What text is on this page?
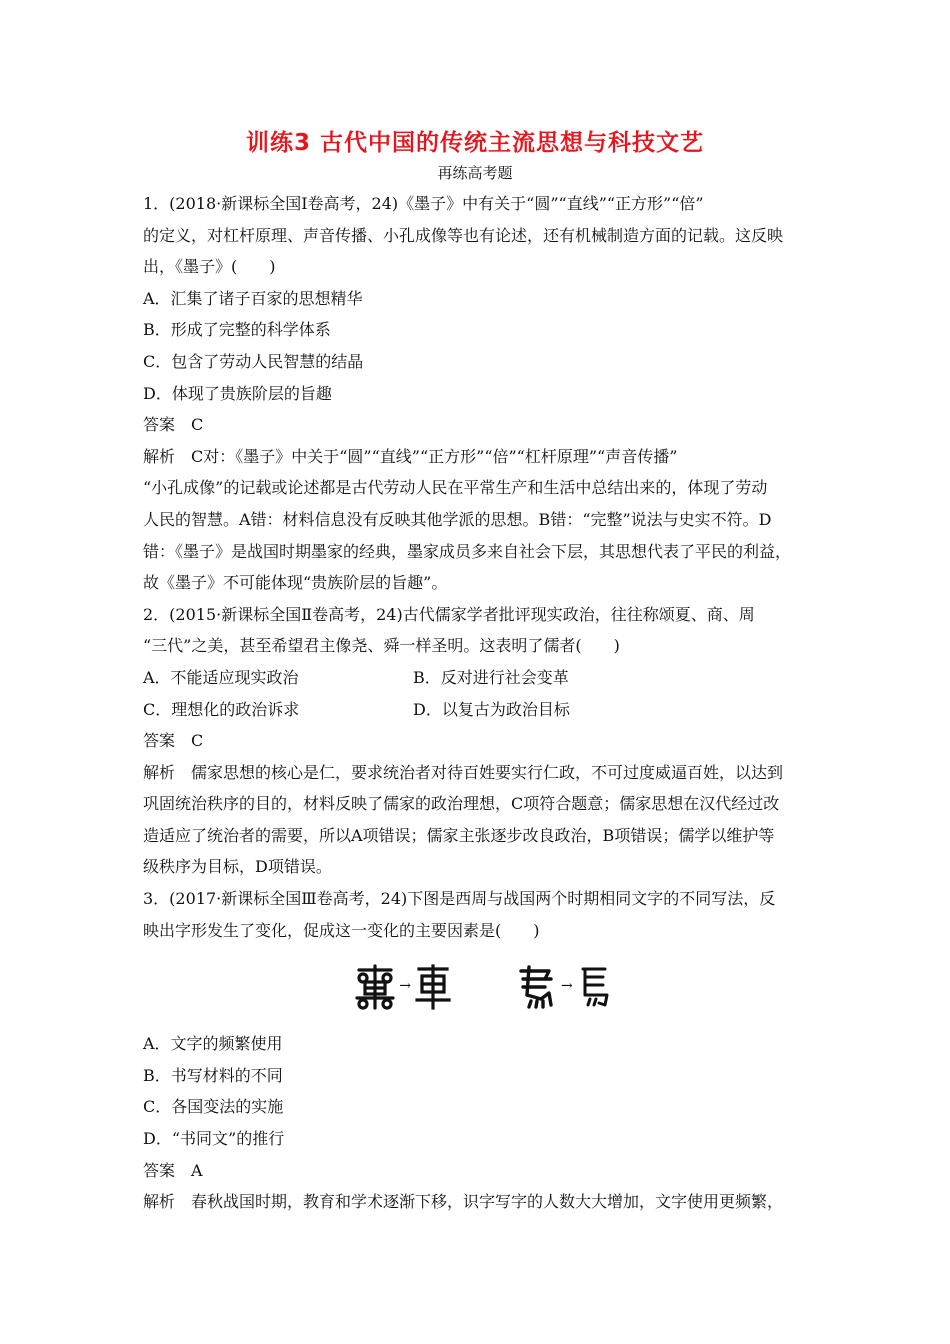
训练3 古代中国的传统主流思想与科技文艺
再练高考题

1．(2018·新课标全国Ⅰ卷高考，24)《墨子》中有关于“圆”“直线”“正方形”“倍”

的定义，对杠杆原理、声音传播、小孔成像等也有论述，还有机械制造方面的记载。这反映

出，《墨子》(　　)

A．汇集了诸子百家的思想精华

B．形成了完整的科学体系

C．包含了劳动人民智慧的结晶

D．体现了贵族阶层的旨趣

答案　C

解析　C对：《墨子》中关于“圆”“直线”“正方形”“倍”“杠杆原理”“声音传播”

“小孔成像”的记载或论述都是古代劳动人民在平常生产和生活中总结出来的，体现了劳动

人民的智慧。A错：材料信息没有反映其他学派的思想。B错：“完整”说法与史实不符。D

错：《墨子》是战国时期墨家的经典，墨家成员多来自社会下层，其思想代表了平民的利益，

故《墨子》不可能体现“贵族阶层的旨趣”。

2．(2015·新课标全国Ⅱ卷高考，24)古代儒家学者批评现实政治，往往称颂夏、商、周

“三代”之美，甚至希望君主像尧、舜一样圣明。这表明了儒者(　　)

A．不能适应现实政治	B．反对进行社会变革
C．理想化的政治诉求	D．以复古为政治目标

答案　C

解析　儒家思想的核心是仁，要求统治者对待百姓要实行仁政，不可过度威逼百姓，以达到

巩固统治秩序的目的，材料反映了儒家的政治理想，C项符合题意；儒家思想在汉代经过改

造适应了统治者的需要，所以A项错误；儒家主张逐步改良政治，B项错误；儒学以维护等

级秩序为目标，D项错误。

3．(2017·新课标全国Ⅲ卷高考，24)下图是西周与战国两个时期相同文字的不同写法，反

映出字形发生了变化，促成这一变化的主要因素是(　　)

→	→

A．文字的频繁使用

B．书写材料的不同

C．各国变法的实施

D．“书同文”的推行

答案　A

解析　春秋战国时期，教育和学术逐渐下移，识字写字的人数大大增加，文字使用更频繁，
